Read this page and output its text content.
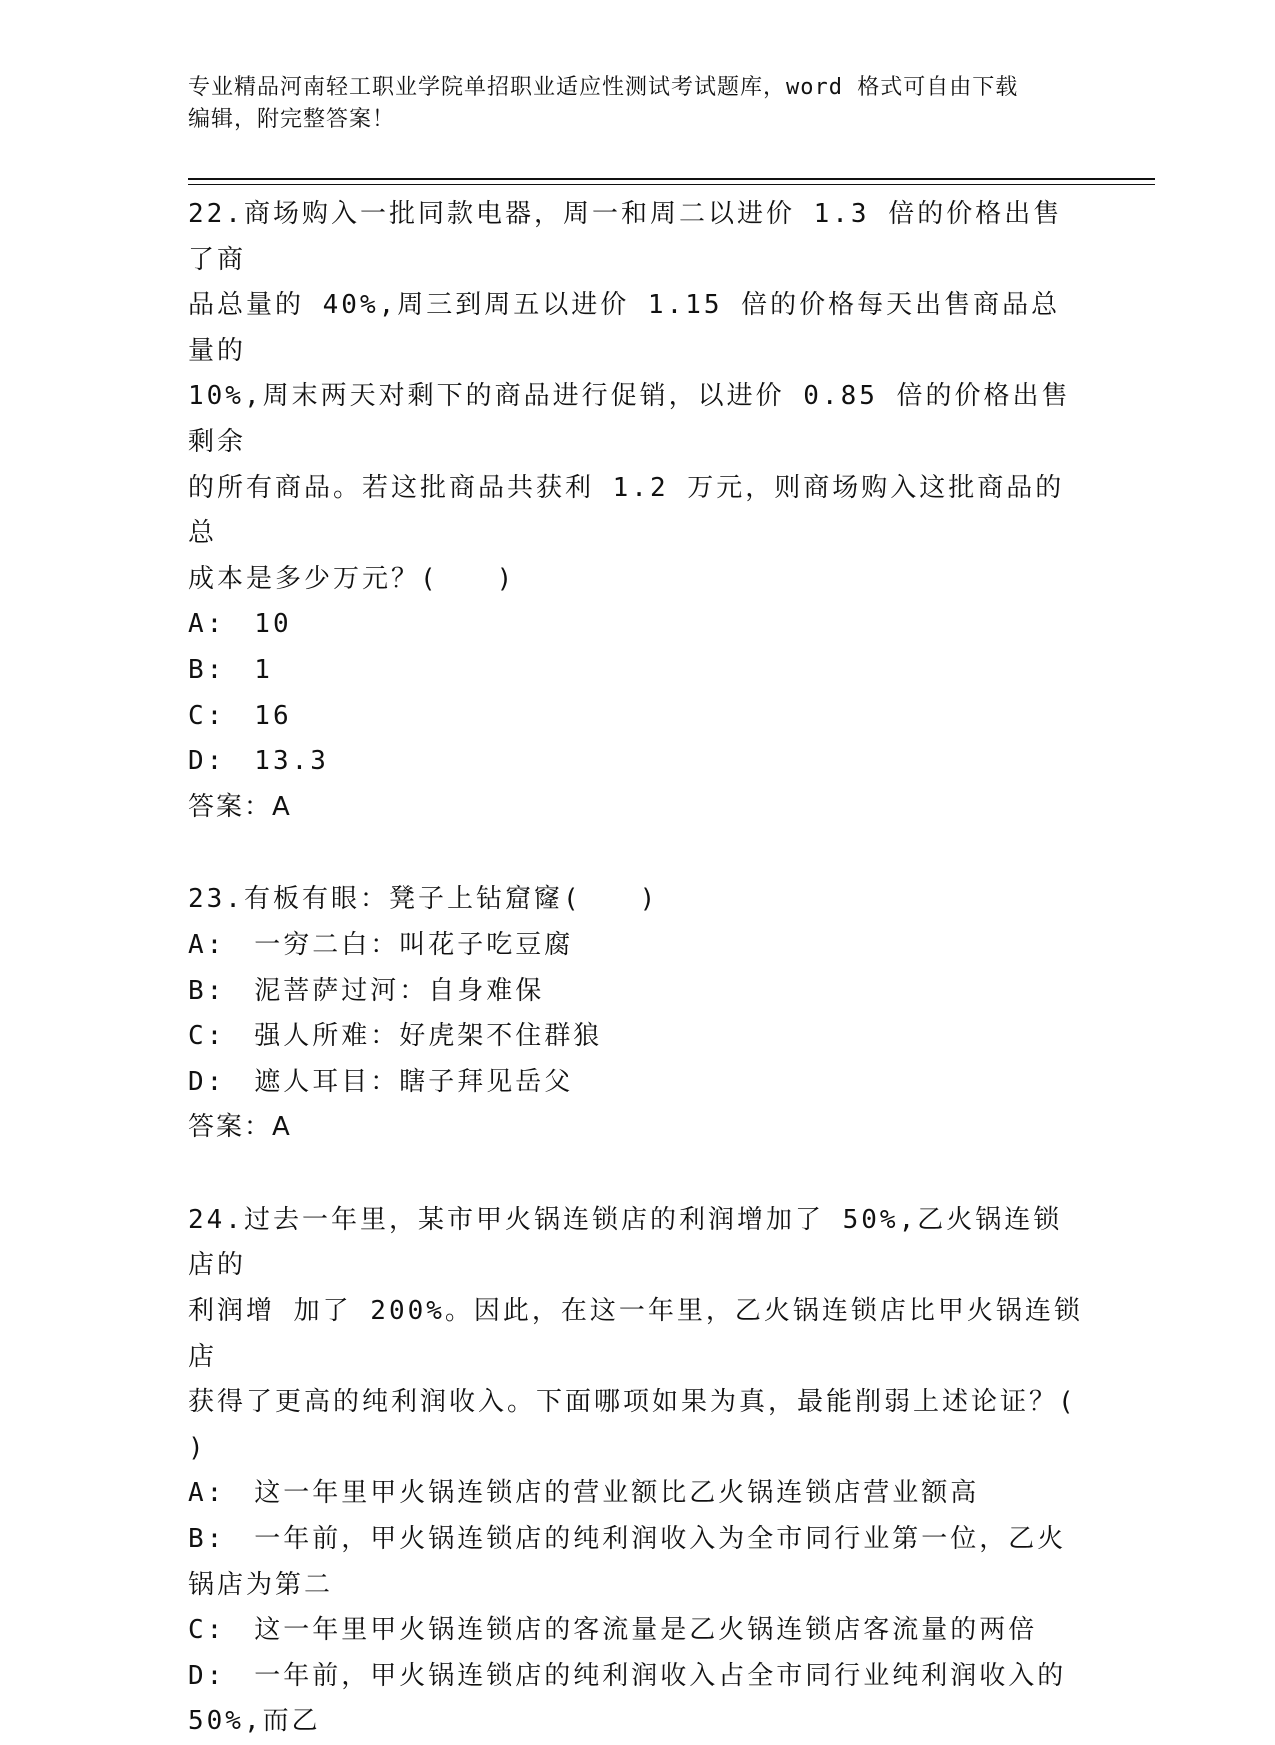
专业精品河南轻工职业学院单招职业适应性测试考试题库，word 格式可自由下载
编辑，附完整答案！

22.商场购入一批同款电器，周一和周二以进价 1.3 倍的价格出售了商

品总量的 40%,周三到周五以进价 1.15 倍的价格每天出售商品总量的

10%,周末两天对剩下的商品进行促销，以进价 0.85 倍的价格出售剩余

的所有商品。若这批商品共获利 1.2 万元，则商场购入这批商品的总

成本是多少万元？(　　)

A:　10

B:　1

C:　16

D:　13.3

答案：A

23.有板有眼：凳子上钻窟窿(　　)

A:　一穷二白：叫花子吃豆腐

B:　泥菩萨过河：自身难保

C:　强人所难：好虎架不住群狼

D:　遮人耳目：瞎子拜见岳父

答案：A

24.过去一年里，某市甲火锅连锁店的利润增加了 50%,乙火锅连锁店的

利润增 加了 200%。因此，在这一年里，乙火锅连锁店比甲火锅连锁店

获得了更高的纯利润收入。下面哪项如果为真，最能削弱上述论证？(

)

A:　这一年里甲火锅连锁店的营业额比乙火锅连锁店营业额高

B:　一年前，甲火锅连锁店的纯利润收入为全市同行业第一位，乙火

锅店为第二

C:　这一年里甲火锅连锁店的客流量是乙火锅连锁店客流量的两倍

D:　一年前，甲火锅连锁店的纯利润收入占全市同行业纯利润收入的

50%,而乙
